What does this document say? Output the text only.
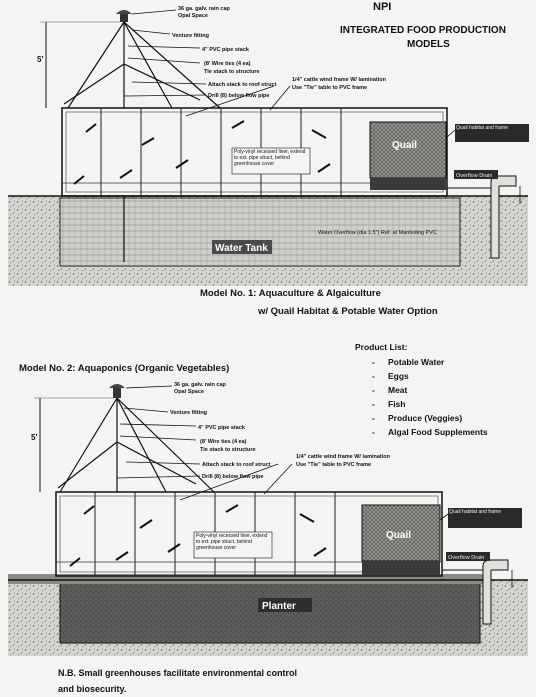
NPI
INTEGRATED FOOD PRODUCTION
MODELS
Quail
Poly-vinyl recessed liner, extend to ext. pipe struct, behind greenhouse cover
5'
36 ga. galv. rain cap
Opal Space
Venture fitting
4" PVC pipe stack
(8' Wire ties (4 ea)
Tie stack to structure
Attach stack to roof struct
Drill (8) below flow pipe
1/4" cattle wind frame W/ lamination
Use "Tie" table to PVC frame
Quail habitat and frame
Overflow Drain
Water Overflow (dia 1.5") Ref. at Manholing PVC
Water Tank
Model No. 1: Aquaculture & Algaiculture
w/ Quail Habitat & Potable Water Option
Model No. 2: Aquaponics (Organic Vegetables)
Product List:
- Potable Water
- Eggs
- Meat
- Fish
- Produce (Veggies)
- Algal Food Supplements
Quail
Poly-vinyl recessed liner, extend to ext. pipe struct, behind greenhouse cover
5'
36 ga. galv. rain cap
Opal Space
Venture fitting
4" PVC pipe stack
(8' Wire ties (4 ea)
Tie stack to structure
Attach stack to roof struct
Drill (8) below flow pipe
1/4" cattle wind frame W/ lamination
Use "Tie" table to PVC frame
Quail habitat and frame
Overflow Drain
Planter
N.B. Small greenhouses facilitate environmental control
and biosecurity.
